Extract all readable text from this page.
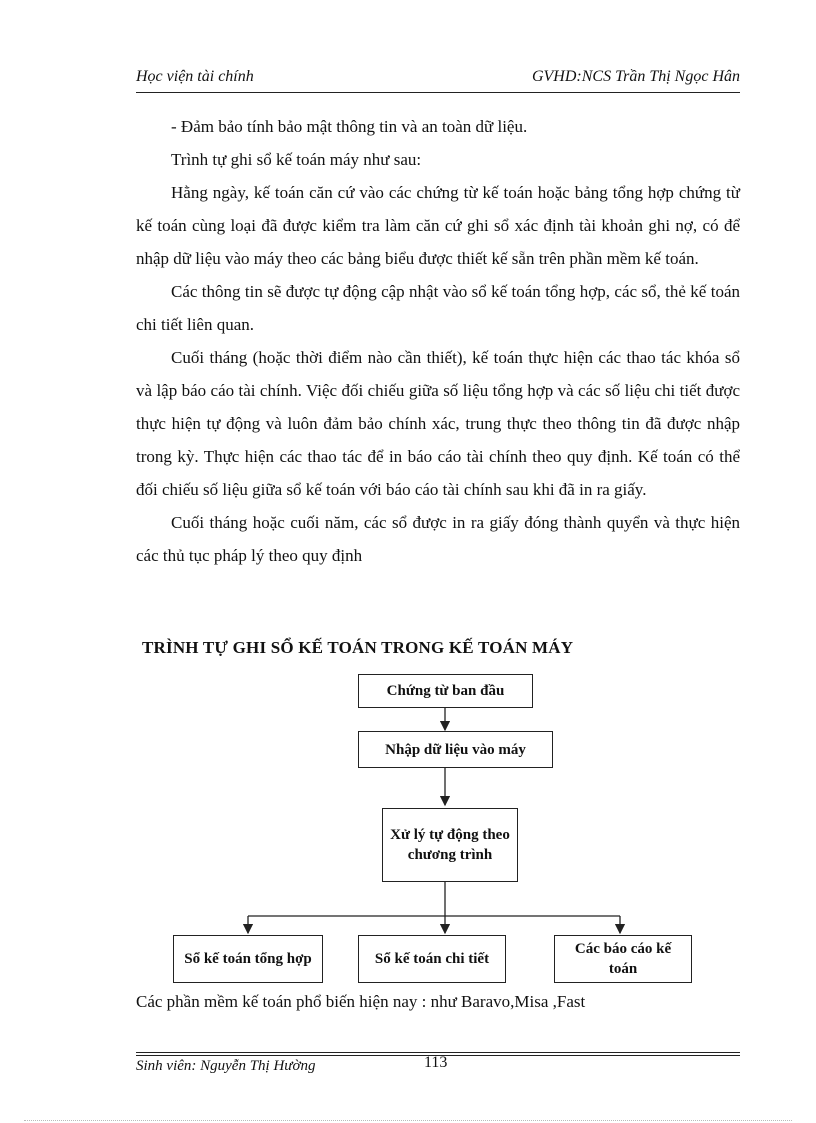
Học viện tài chính	GVHD:NCS Trần Thị Ngọc Hân

- Đảm bảo tính bảo mật thông tin và an toàn dữ liệu.

Trình tự ghi sổ kế toán máy như sau:

Hằng ngày, kế toán căn cứ vào các chứng từ kế toán hoặc bảng tổng hợp chứng từ kế toán cùng loại đã được kiểm tra làm căn cứ ghi sổ xác định tài khoản ghi nợ, có để nhập dữ liệu vào máy theo các bảng biểu được thiết kế sẵn trên phần mềm kế toán.

Các thông tin sẽ được tự động cập nhật vào sổ kế toán tổng hợp, các sổ, thẻ kế toán chi tiết liên quan.

Cuối tháng (hoặc thời điểm nào cần thiết), kế toán thực hiện các thao tác khóa sổ và lập báo cáo tài chính. Việc đối chiếu giữa số liệu tổng hợp và các số liệu chi tiết được thực hiện tự động và luôn đảm bảo chính xác, trung thực theo thông tin đã được nhập trong kỳ. Thực hiện các thao tác để in báo cáo tài chính theo quy định. Kế toán có thể đối chiếu số liệu giữa sổ kế toán với báo cáo tài chính sau khi đã in ra giấy.

Cuối tháng hoặc cuối năm, các sổ được in ra giấy đóng thành quyển và thực hiện các thủ tục pháp lý theo quy định

TRÌNH TỰ GHI SỔ KẾ TOÁN TRONG KẾ TOÁN MÁY
Chứng từ ban đầu
Nhập dữ liệu vào máy
Xử lý tự động theo chương trình
Sổ kế toán tổng hợp	Sổ kế toán chi tiết
Các báo cáo kế toán
Các phần mềm kế toán phổ biến hiện nay : như Baravo,Misa ,Fast
Sinh viên: Nguyễn Thị Hường	113
